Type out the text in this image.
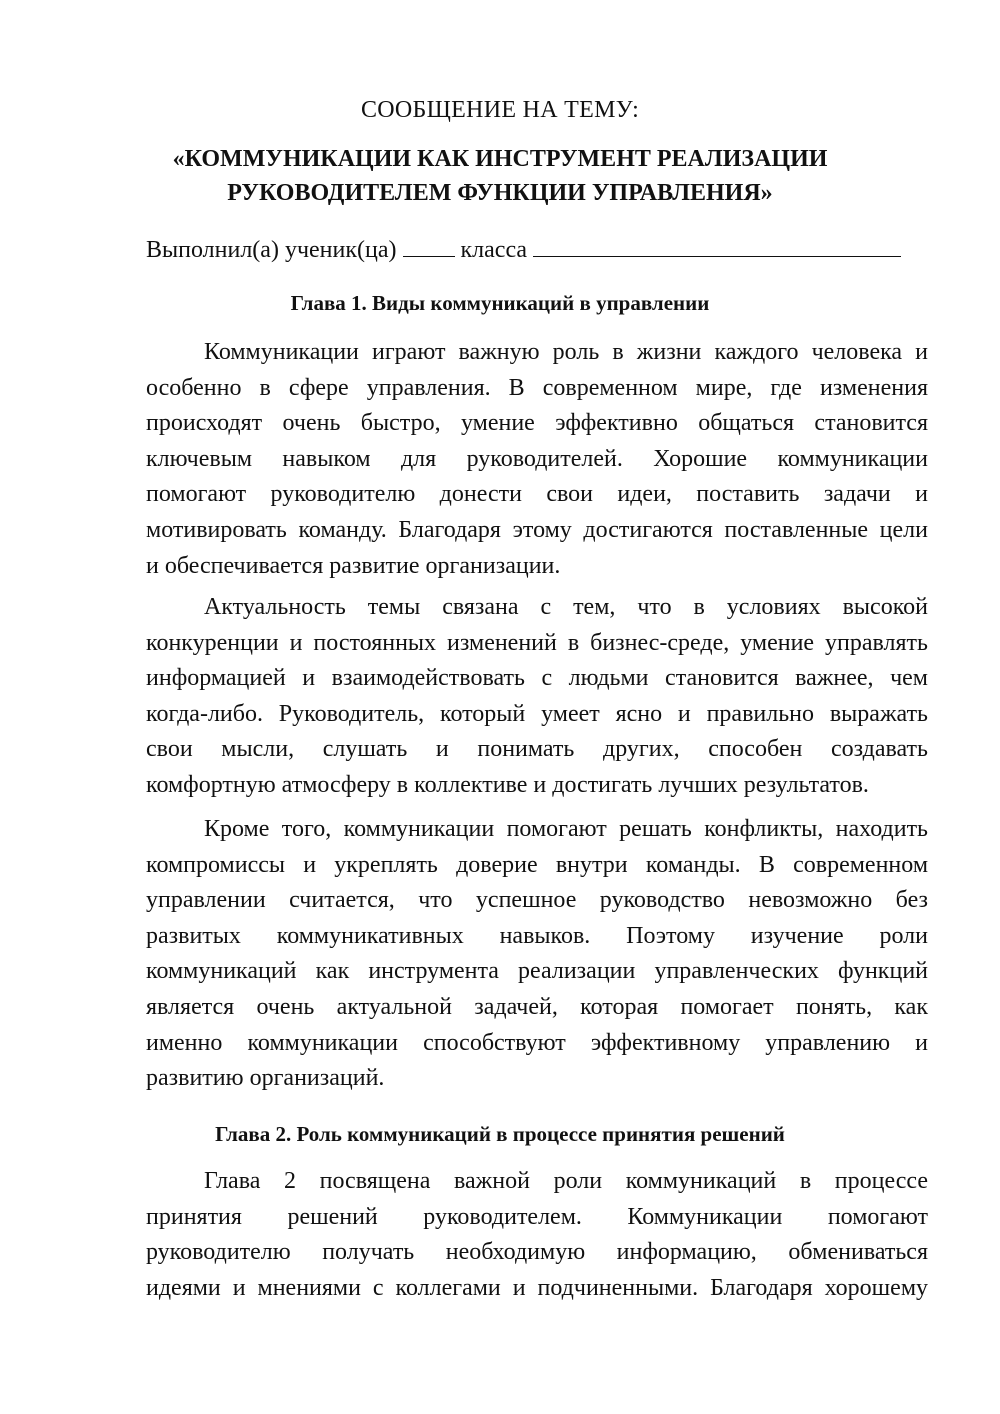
СООБЩЕНИЕ НА ТЕМУ:
«КОММУНИКАЦИИ КАК ИНСТРУМЕНТ РЕАЛИЗАЦИИ
РУКОВОДИТЕЛЕМ ФУНКЦИИ УПРАВЛЕНИЯ»
Выполнил(а) ученик(ца)	класса
Глава 1. Виды коммуникаций в управлении
Коммуникации играют важную роль в жизни каждого человека и
особенно в сфере управления. В современном мире, где изменения
происходят очень быстро, умение эффективно общаться становится
ключевым навыком для руководителей. Хорошие коммуникации
помогают руководителю донести свои идеи, поставить задачи и
мотивировать команду. Благодаря этому достигаются поставленные цели
и обеспечивается развитие организации.
Актуальность темы связана с тем, что в условиях высокой
конкуренции и постоянных изменений в бизнес-среде, умение управлять
информацией и взаимодействовать с людьми становится важнее, чем
когда-либо. Руководитель, который умеет ясно и правильно выражать
свои мысли, слушать и понимать других, способен создавать
комфортную атмосферу в коллективе и достигать лучших результатов.
Кроме того, коммуникации помогают решать конфликты, находить
компромиссы и укреплять доверие внутри команды. В современном
управлении считается, что успешное руководство невозможно без
развитых коммуникативных навыков. Поэтому изучение роли
коммуникаций как инструмента реализации управленческих функций
является очень актуальной задачей, которая помогает понять, как
именно коммуникации способствуют эффективному управлению и
развитию организаций.
Глава 2. Роль коммуникаций в процессе принятия решений
Глава 2 посвящена важной роли коммуникаций в процессе
принятия решений руководителем. Коммуникации помогают
руководителю получать необходимую информацию, обмениваться
идеями и мнениями с коллегами и подчиненными. Благодаря хорошему
